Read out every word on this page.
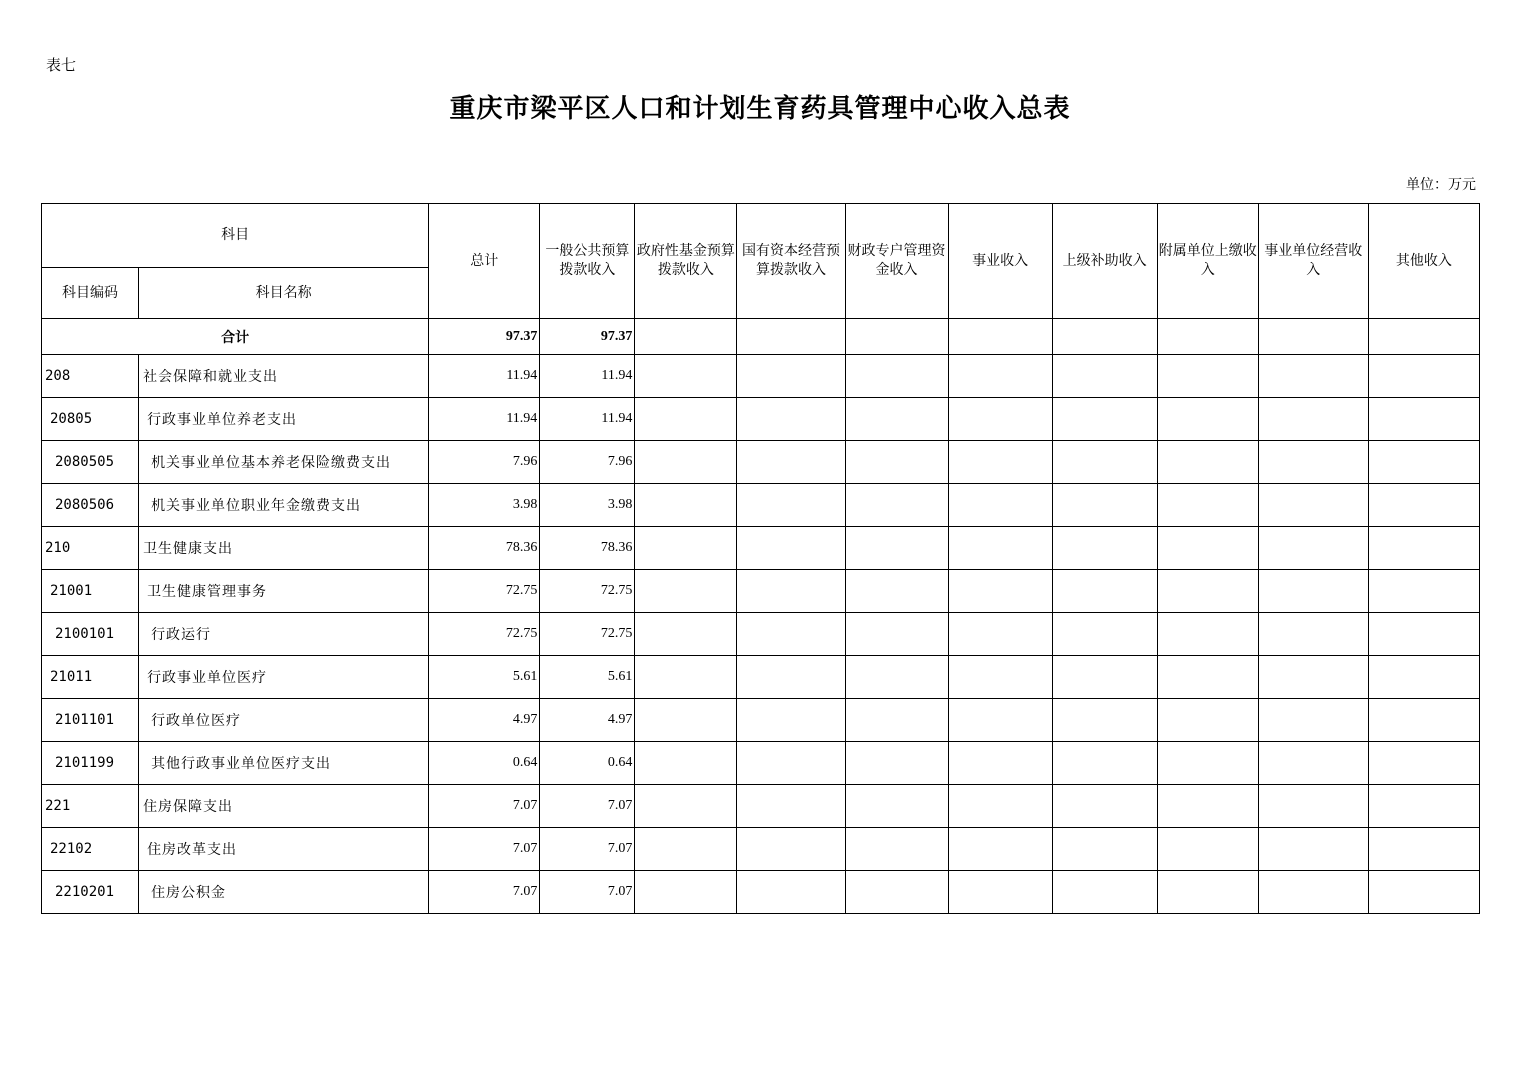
表七
重庆市梁平区人口和计划生育药具管理中心收入总表
单位：万元
科目		总计	一般公共预算拨款收入	政府性基金预算拨款收入	国有资本经营预算拨款收入	财政专户管理资金收入	事业收入	上级补助收入	附属单位上缴收入	事业单位经营收入	其他收入
科目编码	科目名称										
合计		97.37	97.37								
208	社会保障和就业支出	11.94	11.94								
20805	行政事业单位养老支出	11.94	11.94								
2080505	机关事业单位基本养老保险缴费支出	7.96	7.96								
2080506	机关事业单位职业年金缴费支出	3.98	3.98								
210	卫生健康支出	78.36	78.36								
21001	卫生健康管理事务	72.75	72.75								
2100101	行政运行	72.75	72.75								
21011	行政事业单位医疗	5.61	5.61								
2101101	行政单位医疗	4.97	4.97								
2101199	其他行政事业单位医疗支出	0.64	0.64								
221	住房保障支出	7.07	7.07								
22102	住房改革支出	7.07	7.07								
2210201	住房公积金	7.07	7.07								
